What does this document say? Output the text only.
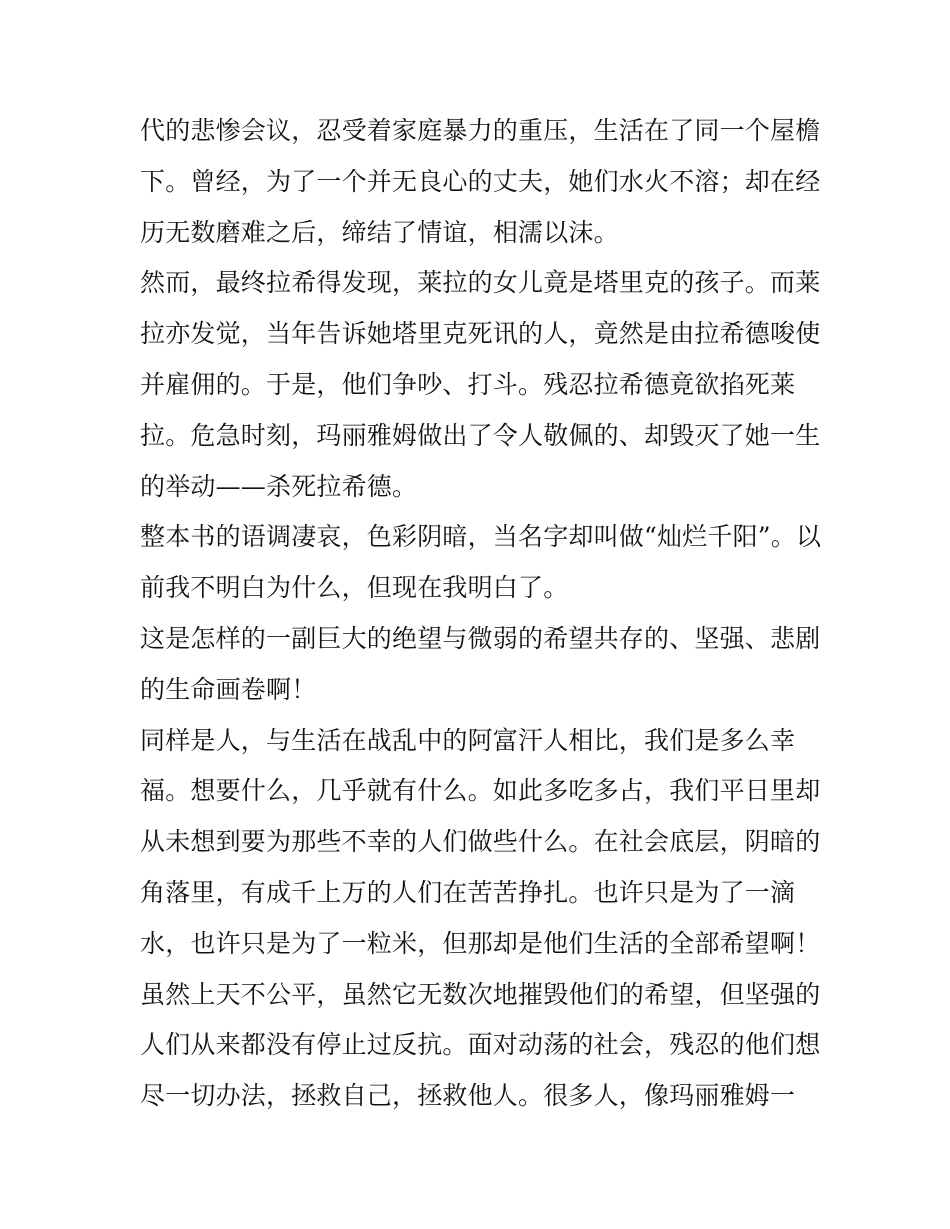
代的悲惨会议，忍受着家庭暴力的重压，生活在了同一个屋檐
下。曾经，为了一个并无良心的丈夫，她们水火不溶；却在经
历无数磨难之后，缔结了情谊，相濡以沫。
然而，最终拉希得发现，莱拉的女儿竟是塔里克的孩子。而莱
拉亦发觉，当年告诉她塔里克死讯的人，竟然是由拉希德唆使
并雇佣的。于是，他们争吵、打斗。残忍拉希德竟欲掐死莱
拉。危急时刻，玛丽雅姆做出了令人敬佩的、却毁灭了她一生
的举动——杀死拉希德。
整本书的语调凄哀，色彩阴暗，当名字却叫做“灿烂千阳”。以
前我不明白为什么，但现在我明白了。
这是怎样的一副巨大的绝望与微弱的希望共存的、坚强、悲剧
的生命画卷啊！
同样是人，与生活在战乱中的阿富汗人相比，我们是多么幸
福。想要什么，几乎就有什么。如此多吃多占，我们平日里却
从未想到要为那些不幸的人们做些什么。在社会底层，阴暗的
角落里，有成千上万的人们在苦苦挣扎。也许只是为了一滴
水，也许只是为了一粒米，但那却是他们生活的全部希望啊！
虽然上天不公平，虽然它无数次地摧毁他们的希望，但坚强的
人们从来都没有停止过反抗。面对动荡的社会，残忍的他们想
尽一切办法，拯救自己，拯救他人。很多人，像玛丽雅姆一
